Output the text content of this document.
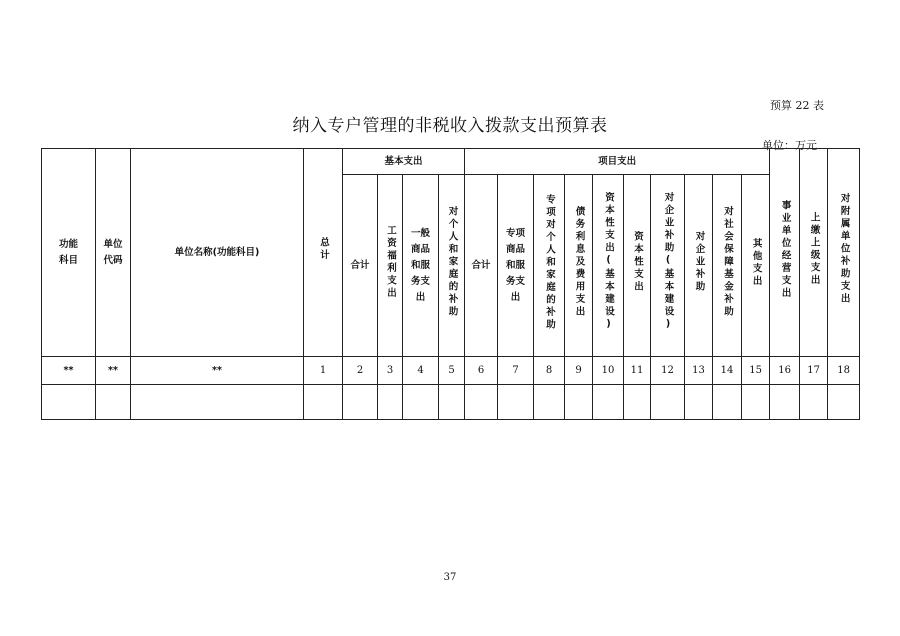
预算 22 表
纳入专户管理的非税收入拨款支出预算表
单位：万元
功能科目	单位代码	单位名称(功能科目)	总计	基本支出				项目支出										事业单位经营支出	上缴上级支出	对附属单位补助支出
				合计	工资福利支出	一般商品和服务支出	对个人和家庭的补助	合计	专项商品和服务支出	专项对个人和家庭的补助	债务利息及费用支出	资本性支出(基本建设)	资本性支出	对企业补助(基本建设)	对企业补助	对社会保障基金补助	其他支出			
**	**	**	1	2	3	4	5	6	7	8	9	10	11	12	13	14	15	16	17	18

37
